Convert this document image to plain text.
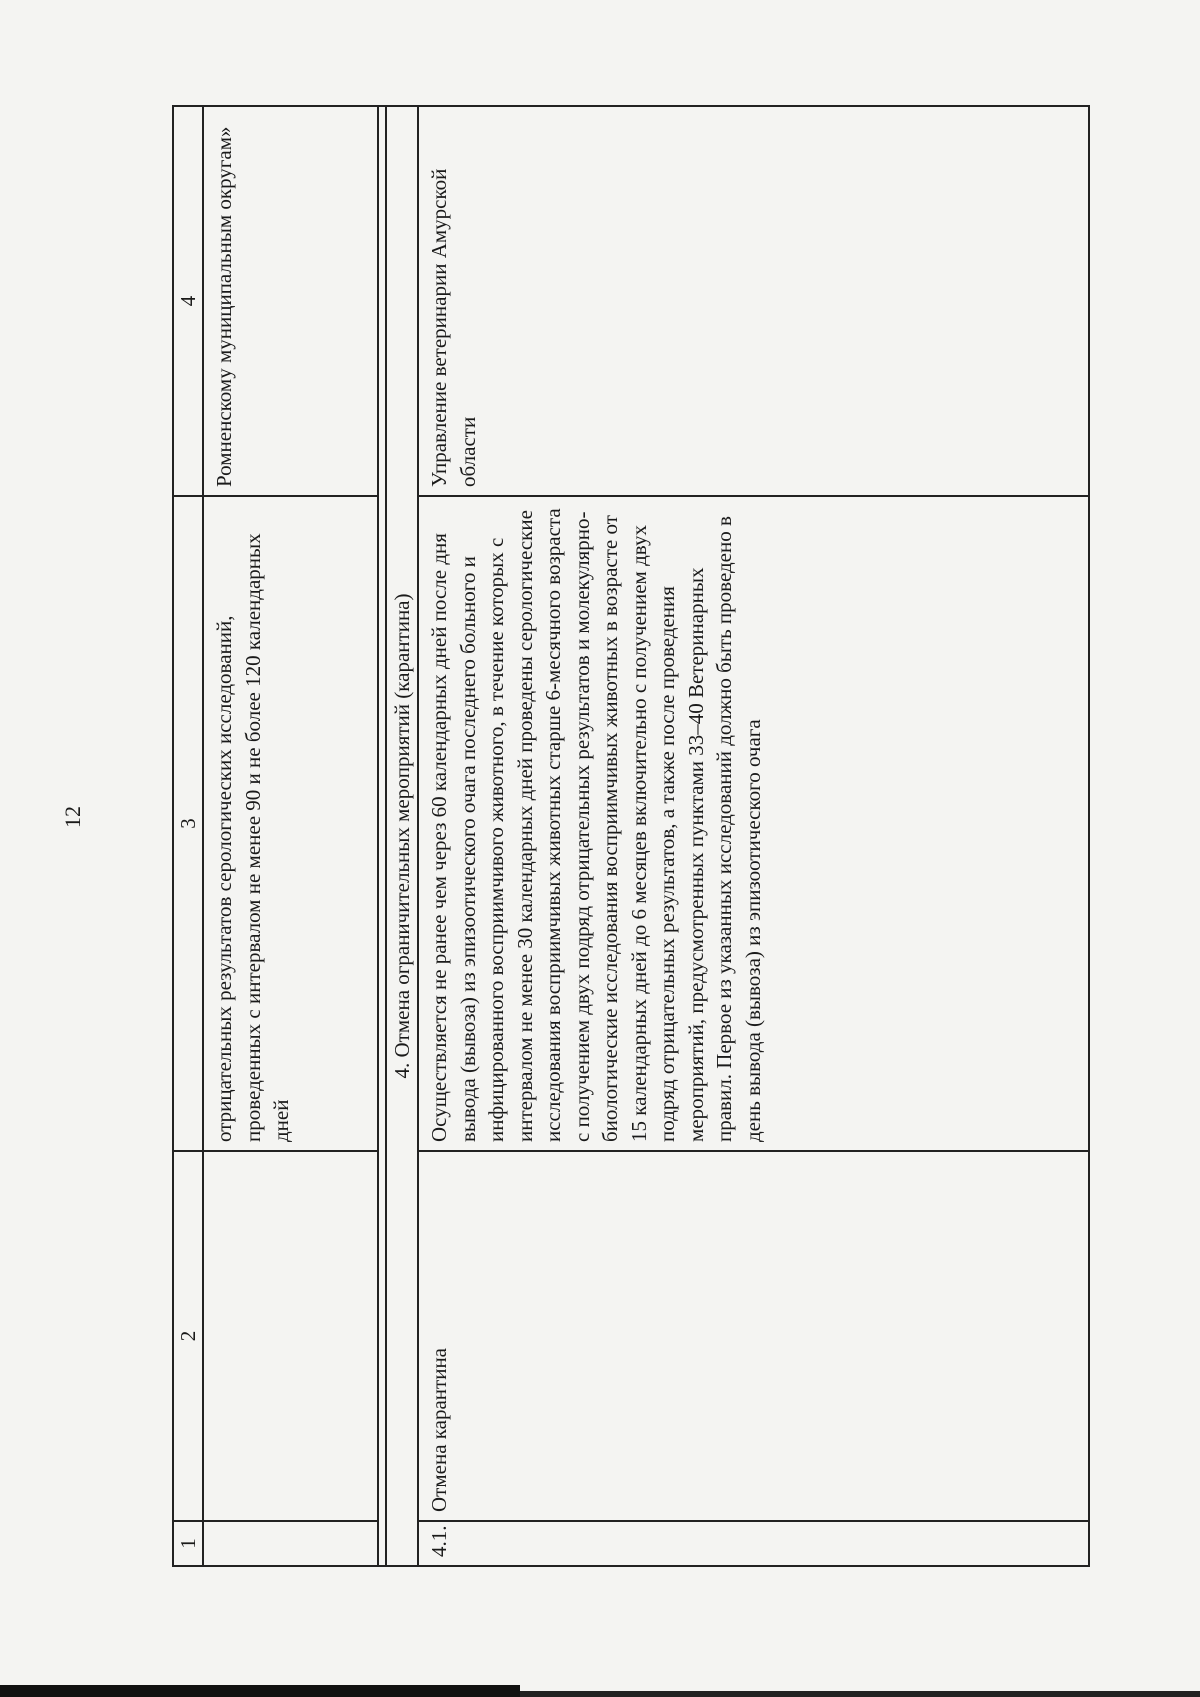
12
1	2	3	4
		отрицательных результатов серологических исследований, проведенных с интервалом не менее 90 и не более 120 календарных дней	Ромненскому муниципальным округам»

4. Отмена ограничительных мероприятий (карантина)			
4.1.	Отмена карантина	Осуществляется не ранее чем через 60 календарных дней после дня вывода (вывоза) из эпизоотического очага последнего больного и инфицированного восприимчивого животного, в течение которых с интервалом не менее 30 календарных дней проведены серологические исследования восприимчивых животных старше 6-месячного возраста с получением двух подряд отрицательных результатов и молекулярно-биологические исследования восприимчивых животных в возрасте от 15 календарных дней до 6 месяцев включительно с получением двух подряд отрицательных результатов, а также после проведения мероприятий, предусмотренных пунктами 33–40 Ветеринарных правил. Первое из указанных исследований должно быть проведено в день вывода (вывоза) из эпизоотического очага	Управление ветеринарии Амурской области
